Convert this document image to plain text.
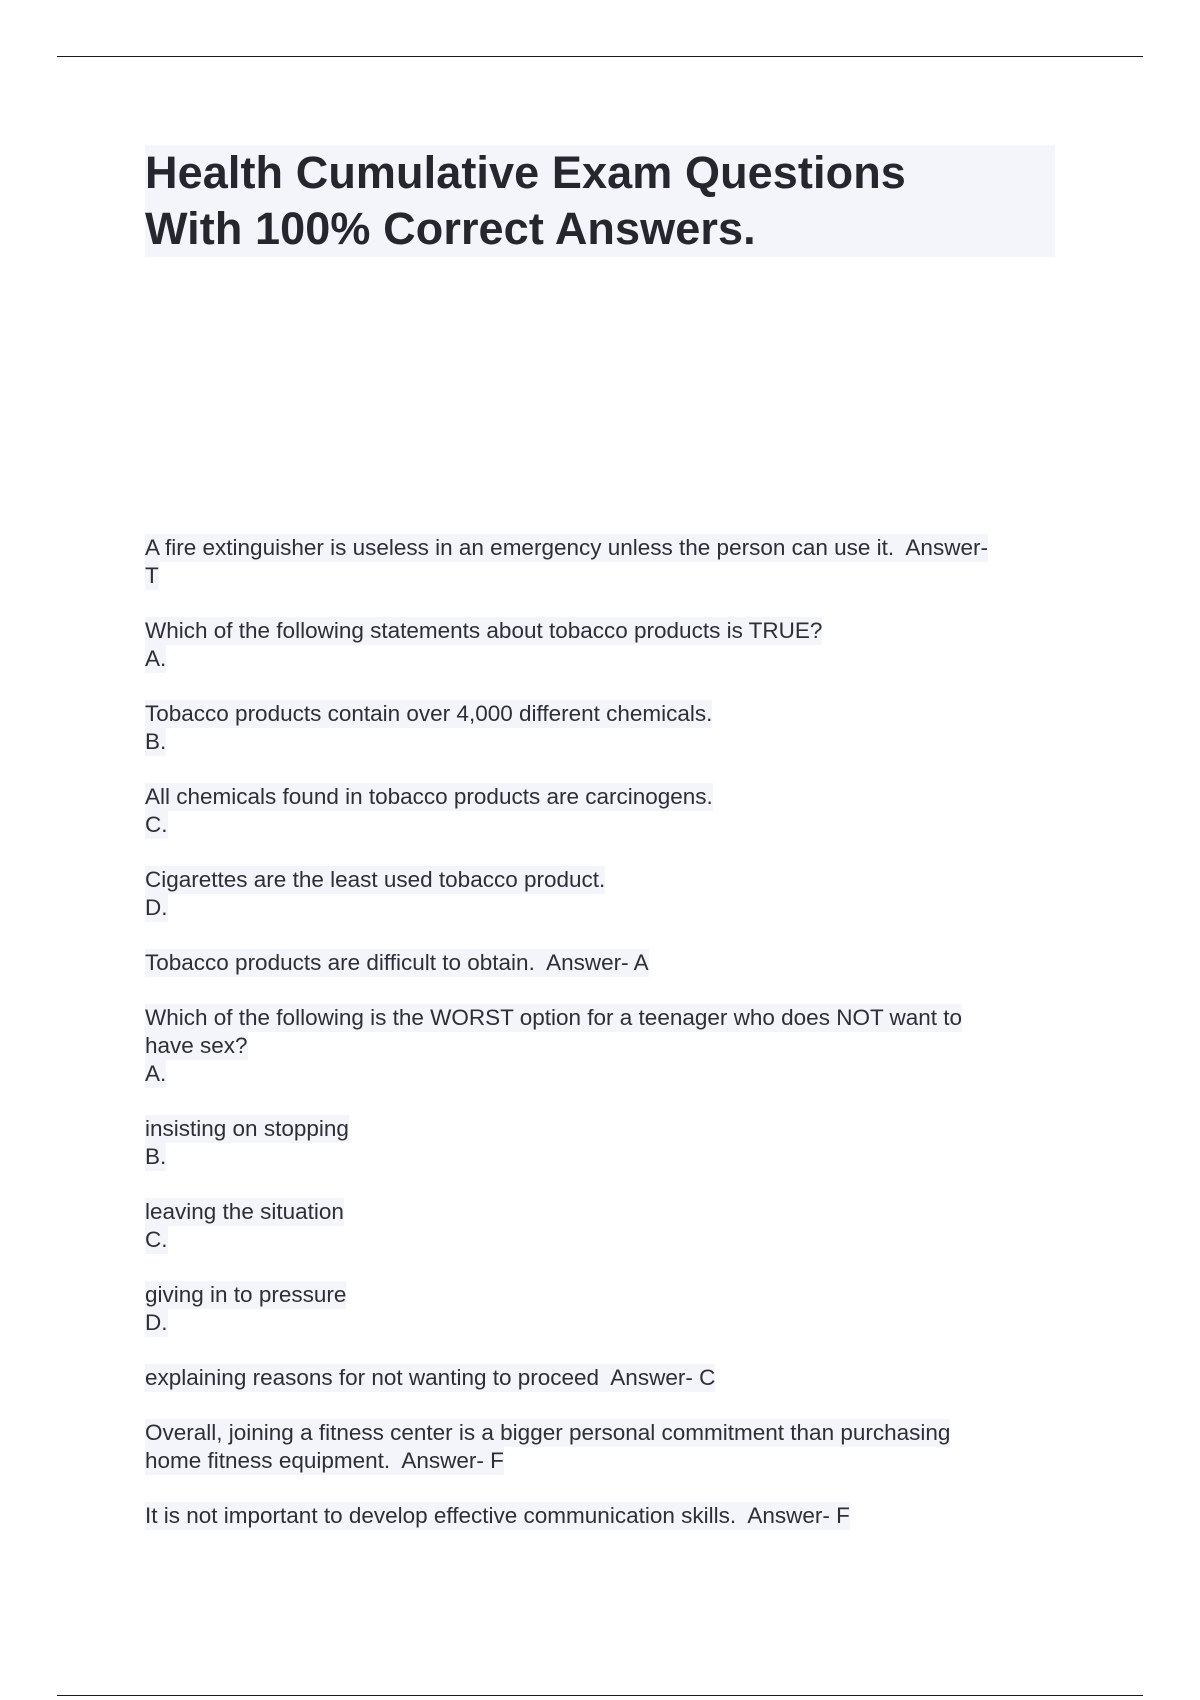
Health Cumulative Exam Questions
With 100% Correct Answers.
A fire extinguisher is useless in an emergency unless the person can use it.  Answer-
T
Which of the following statements about tobacco products is TRUE?
A.
Tobacco products contain over 4,000 different chemicals.
B.
All chemicals found in tobacco products are carcinogens.
C.
Cigarettes are the least used tobacco product.
D.
Tobacco products are difficult to obtain.  Answer- A
Which of the following is the WORST option for a teenager who does NOT want to
have sex?
A.
insisting on stopping
B.
leaving the situation
C.
giving in to pressure
D.
explaining reasons for not wanting to proceed  Answer- C
Overall, joining a fitness center is a bigger personal commitment than purchasing
home fitness equipment.  Answer- F
It is not important to develop effective communication skills.  Answer- F
